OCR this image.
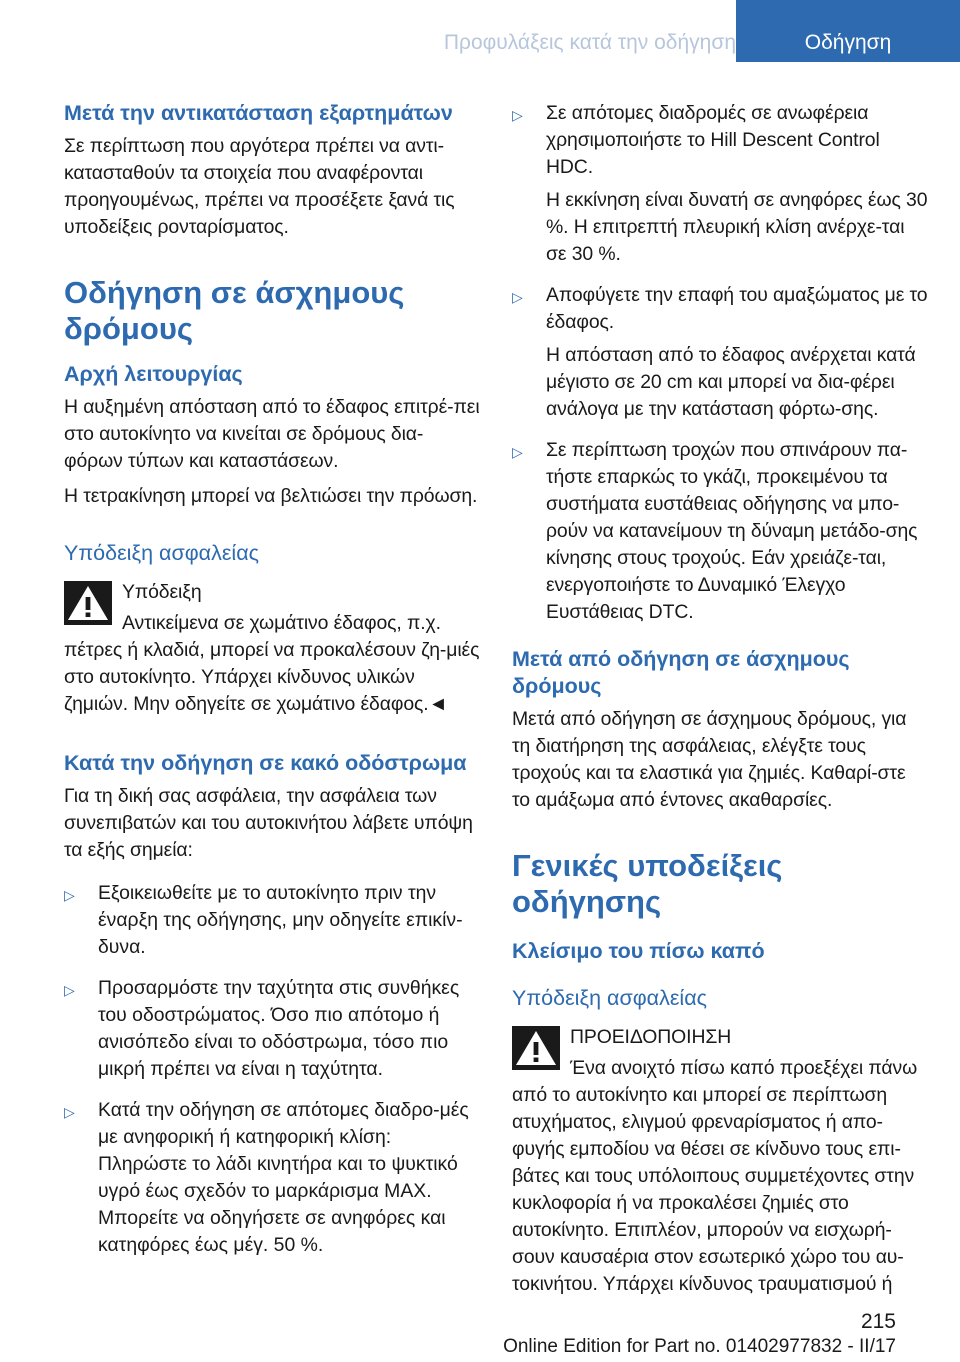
Προφυλάξεις κατά την οδήγηση	Οδήγηση
Μετά την αντικατάσταση εξαρτημάτων

Σε περίπτωση που αργότερα πρέπει να αντι-κατασταθούν τα στοιχεία που αναφέρονται προηγουμένως, πρέπει να προσέξετε ξανά τις υποδείξεις ρονταρίσματος.

Οδήγηση σε άσχημους δρόμους
Αρχή λειτουργίας

Η αυξημένη απόσταση από το έδαφος επιτρέ-πει στο αυτοκίνητο να κινείται σε δρόμους δια-φόρων τύπων και καταστάσεων.

Η τετρακίνηση μπορεί να βελτιώσει την πρόωση.

Υπόδειξη ασφαλείας

Υπόδειξη

Αντικείμενα σε χωμάτινο έδαφος, π.χ. πέτρες ή κλαδιά, μπορεί να προκαλέσουν ζη-μιές στο αυτοκίνητο. Υπάρχει κίνδυνος υλικών ζημιών. Μην οδηγείτε σε χωμάτινο έδαφος.◄

Κατά την οδήγηση σε κακό οδόστρωμα

Για τη δική σας ασφάλεια, την ασφάλεια των συνεπιβατών και του αυτοκινήτου λάβετε υπόψη τα εξής σημεία:

▷ Εξοικειωθείτε με το αυτοκίνητο πριν την έναρξη της οδήγησης, μην οδηγείτε επικίν-δυνα.
▷ Προσαρμόστε την ταχύτητα στις συνθήκες του οδοστρώματος. Όσο πιο απότομο ή ανισόπεδο είναι το οδόστρωμα, τόσο πιο μικρή πρέπει να είναι η ταχύτητα.
▷ Κατά την οδήγηση σε απότομες διαδρο-μές με ανηφορική ή κατηφορική κλίση: Πληρώστε το λάδι κινητήρα και το ψυκτικό υγρό έως σχεδόν το μαρκάρισμα MAX. Μπορείτε να οδηγήσετε σε ανηφόρες και κατηφόρες έως μέγ. 50 %.
▷ Σε απότομες διαδρομές σε ανωφέρεια χρησιμοποιήστε το Hill Descent Control HDC.

Η εκκίνηση είναι δυνατή σε ανηφόρες έως 30 %. Η επιτρεπτή πλευρική κλίση ανέρχε-ται σε 30 %.

▷ Αποφύγετε την επαφή του αμαξώματος με το έδαφος.

Η απόσταση από το έδαφος ανέρχεται κατά μέγιστο σε 20 cm και μπορεί να δια-φέρει ανάλογα με την κατάσταση φόρτω-σης.

▷ Σε περίπτωση τροχών που σπινάρουν πα-τήστε επαρκώς το γκάζι, προκειμένου τα συστήματα ευστάθειας οδήγησης να μπο-ρούν να κατανείμουν τη δύναμη μετάδο-σης κίνησης στους τροχούς. Εάν χρειάζε-ται, ενεργοποιήστε το Δυναμικό Έλεγχο Ευστάθειας DTC.

Μετά από οδήγηση σε άσχημους δρόμους

Μετά από οδήγηση σε άσχημους δρόμους, για τη διατήρηση της ασφάλειας, ελέγξτε τους τροχούς και τα ελαστικά για ζημιές. Καθαρί-στε το αμάξωμα από έντονες ακαθαρσίες.

Γενικές υποδείξεις οδήγησης
Κλείσιμο του πίσω καπό
Υπόδειξη ασφαλείας

ΠΡΟΕΙΔΟΠΟΙΗΣΗ

Ένα ανοιχτό πίσω καπό προεξέχει πάνω από το αυτοκίνητο και μπορεί σε περίπτωση ατυχήματος, ελιγμού φρεναρίσματος ή απο-φυγής εμποδίου να θέσει σε κίνδυνο τους επι-βάτες και τους υπόλοιπους συμμετέχοντες στην κυκλοφορία ή να προκαλέσει ζημιές στο αυτοκίνητο. Επιπλέον, μπορούν να εισχωρή-σουν καυσαέρια στον εσωτερικό χώρο του αυ-τοκινήτου. Υπάρχει κίνδυνος τραυματισμού ή

215
Online Edition for Part no. 01402977832 - II/17
